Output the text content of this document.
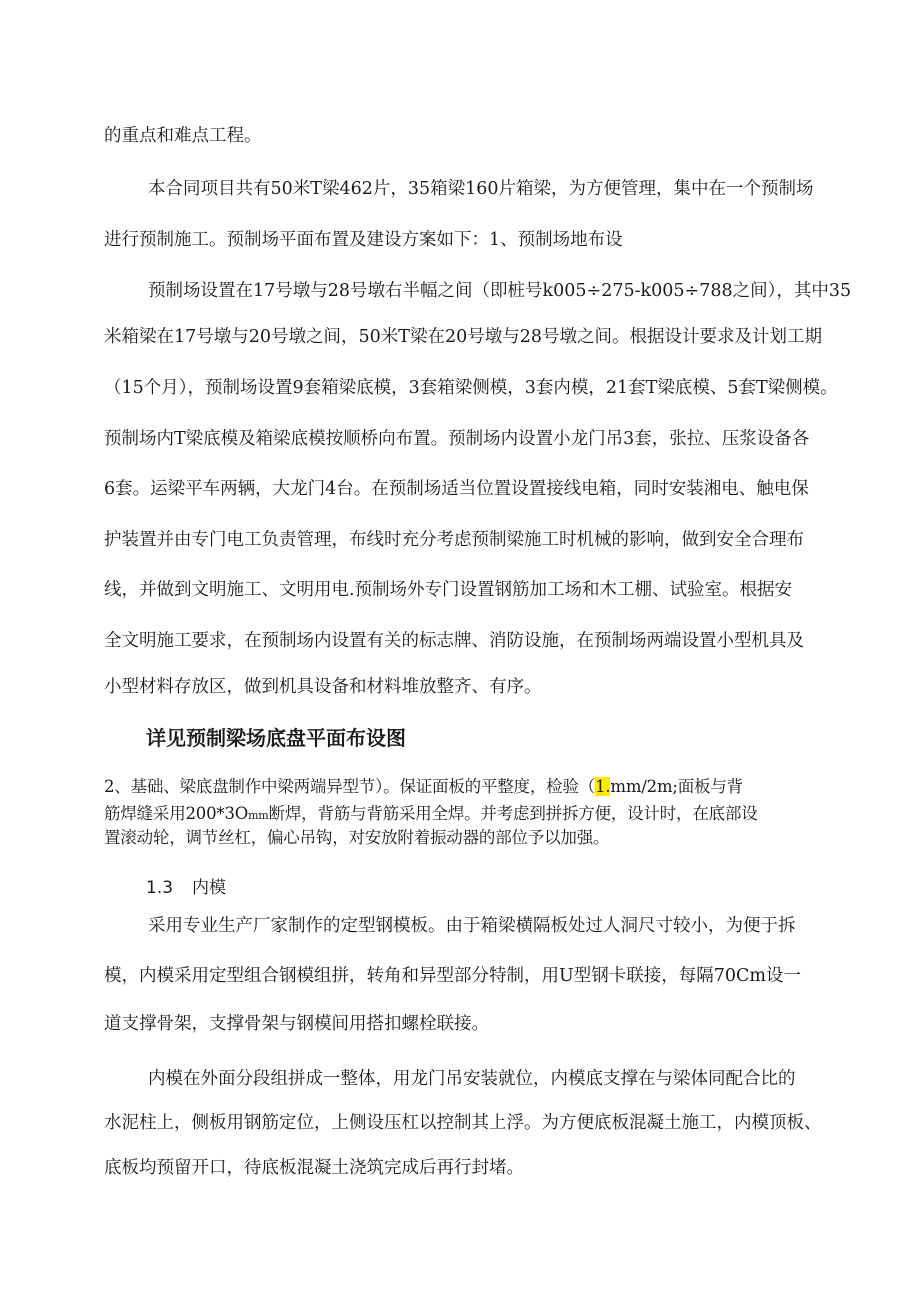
的重点和难点工程。

本合同项目共有50米T梁462片，35箱梁160片箱梁，为方便管理，集中在一个预制场

进行预制施工。预制场平面布置及建设方案如下：1、预制场地布设

预制场设置在17号墩与28号墩右半幅之间（即桩号k005÷275-k005÷788之间），其中35

米箱梁在17号墩与20号墩之间，50米T梁在20号墩与28号墩之间。根据设计要求及计划工期

（15个月），预制场设置9套箱梁底模，3套箱梁侧模，3套内模，21套T梁底模、5套T梁侧模。

预制场内T梁底模及箱梁底模按顺桥向布置。预制场内设置小龙门吊3套，张拉、压浆设备各

6套。运梁平车两辆，大龙门4台。在预制场适当位置设置接线电箱，同时安装湘电、触电保

护装置并由专门电工负责管理，布线时充分考虑预制梁施工时机械的影响，做到安全合理布

线，并做到文明施工、文明用电.预制场外专门设置钢筋加工场和木工棚、试验室。根据安

全文明施工要求，在预制场内设置有关的标志牌、消防设施，在预制场两端设置小型机具及

小型材料存放区，做到机具设备和材料堆放整齐、有序。

详见预制梁场底盘平面布设图

2、基础、梁底盘制作中梁两端异型节）。保证面板的平整度，检验（1.mm∕2m;面板与背

筋焊缝采用200*3Omm断焊，背筋与背筋采用全焊。并考虑到拼拆方便，设计时，在底部设

置滚动轮，调节丝杠，偏心吊钩，对安放附着振动器的部位予以加强。

1.3 内模

采用专业生产厂家制作的定型钢模板。由于箱梁横隔板处过人洞尺寸较小，为便于拆

模，内模采用定型组合钢模组拼，转角和异型部分特制，用U型钢卡联接，每隔70Cm设一

道支撑骨架，支撑骨架与钢模间用搭扣螺栓联接。

内模在外面分段组拼成一整体，用龙门吊安装就位，内模底支撑在与梁体同配合比的

水泥柱上，侧板用钢筋定位，上侧设压杠以控制其上浮。为方便底板混凝土施工，内模顶板、

底板均预留开口，待底板混凝土浇筑完成后再行封堵。
